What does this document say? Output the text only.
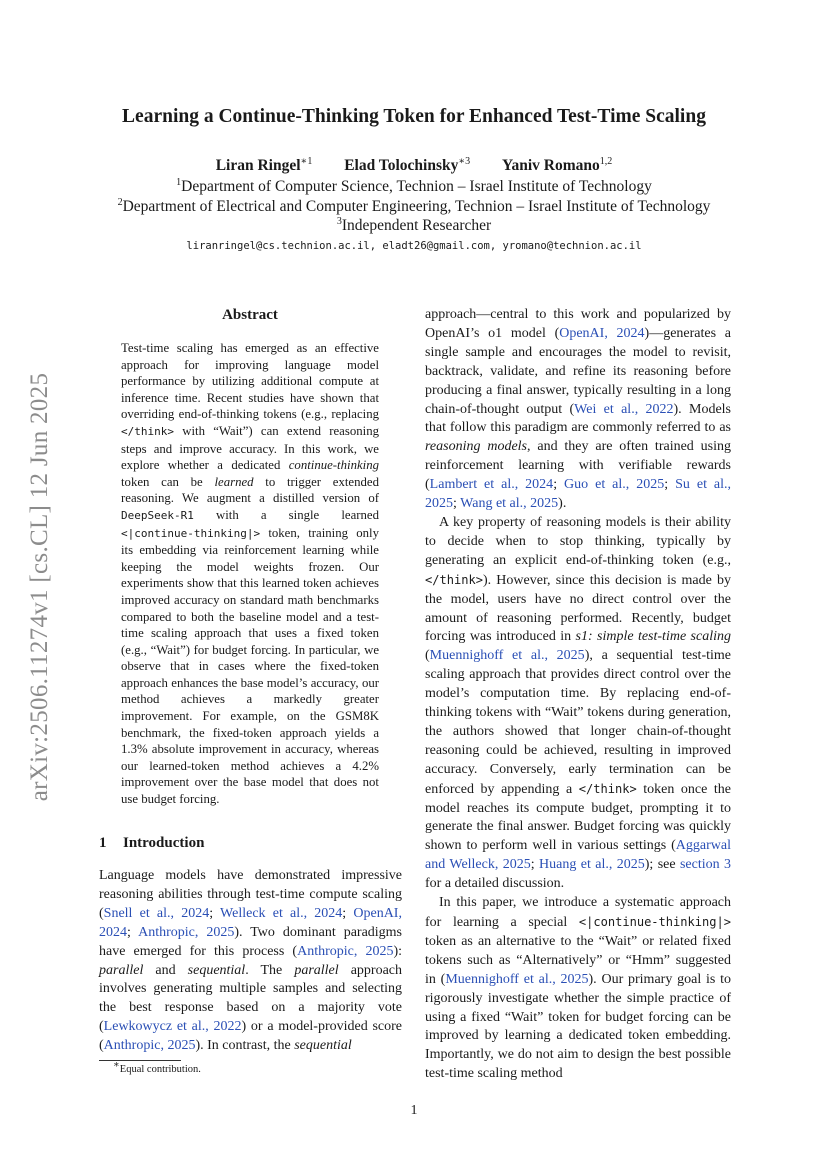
arXiv:2506.11274v1 [cs.CL] 12 Jun 2025
Learning a Continue-Thinking Token for Enhanced Test-Time Scaling
Liran Ringel$^{∗1}$ Elad Tolochinsky$^{∗3}$ Yaniv Romano$^{1,2}$
$^1$Department of Computer Science, Technion – Israel Institute of Technology
$^2$Department of Electrical and Computer Engineering, Technion – Israel Institute of Technology
$^3$Independent Researcher
liranringel@cs.technion.ac.il, eladt26@gmail.com, yromano@technion.ac.il
Abstract

Test-time scaling has emerged as an effective approach for improving language model performance by utilizing additional compute at inference time. Recent studies have shown that overriding end-of-thinking tokens (e.g., replacing </think> with “Wait”) can extend reasoning steps and improve accuracy. In this work, we explore whether a dedicated continue-thinking token can be learned to trigger extended reasoning. We augment a distilled version of DeepSeek-R1 with a single learned <|continue-thinking|> token, training only its embedding via reinforcement learning while keeping the model weights frozen. Our experiments show that this learned token achieves improved accuracy on standard math benchmarks compared to both the baseline model and a test-time scaling approach that uses a fixed token (e.g., “Wait”) for budget forcing. In particular, we observe that in cases where the fixed-token approach enhances the base model’s accuracy, our method achieves a markedly greater improvement. For example, on the GSM8K benchmark, the fixed-token approach yields a 1.3% absolute improvement in accuracy, whereas our learned-token method achieves a 4.2% improvement over the base model that does not use budget forcing.

1 Introduction

Language models have demonstrated impressive reasoning abilities through test-time compute scaling (Snell et al., 2024; Welleck et al., 2024; OpenAI, 2024; Anthropic, 2025). Two dominant paradigms have emerged for this process (Anthropic, 2025): parallel and sequential. The parallel approach involves generating multiple samples and selecting the best response based on a majority vote (Lewkowycz et al., 2022) or a model-provided score (Anthropic, 2025). In contrast, the sequential

approach—central to this work and popularized by OpenAI’s o1 model (OpenAI, 2024)—generates a single sample and encourages the model to revisit, backtrack, validate, and refine its reasoning before producing a final answer, typically resulting in a long chain-of-thought output (Wei et al., 2022). Models that follow this paradigm are commonly referred to as reasoning models, and they are often trained using reinforcement learning with verifiable rewards (Lambert et al., 2024; Guo et al., 2025; Su et al., 2025; Wang et al., 2025).

A key property of reasoning models is their ability to decide when to stop thinking, typically by generating an explicit end-of-thinking token (e.g., </think>). However, since this decision is made by the model, users have no direct control over the amount of reasoning performed. Recently, budget forcing was introduced in s1: simple test-time scaling (Muennighoff et al., 2025), a sequential test-time scaling approach that provides direct control over the model’s computation time. By replacing end-of-thinking tokens with “Wait” tokens during generation, the authors showed that longer chain-of-thought reasoning could be achieved, resulting in improved accuracy. Conversely, early termination can be enforced by appending a </think> token once the model reaches its compute budget, prompting it to generate the final answer. Budget forcing was quickly shown to perform well in various settings (Aggarwal and Welleck, 2025; Huang et al., 2025); see section 3 for a detailed discussion.

In this paper, we introduce a systematic approach for learning a special <|continue-thinking|> token as an alternative to the “Wait” or related fixed tokens such as “Alternatively” or “Hmm” suggested in (Muennighoff et al., 2025). Our primary goal is to rigorously investigate whether the simple practice of using a fixed “Wait” token for budget forcing can be improved by learning a dedicated token embedding. Importantly, we do not aim to design the best possible test-time scaling method

∗Equal contribution.
1
